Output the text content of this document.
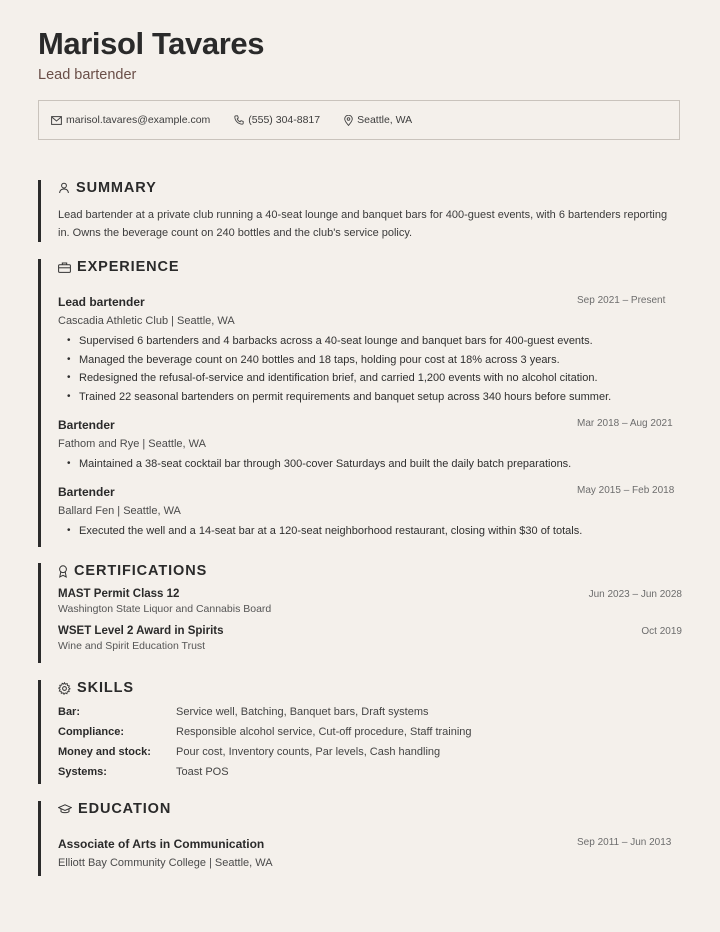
Marisol Tavares
Lead bartender
marisol.tavares@example.com	(555) 304-8817	Seattle, WA
SUMMARY
Lead bartender at a private club running a 40-seat lounge and banquet bars for 400-guest events, with 6 bartenders reporting in. Owns the beverage count on 240 bottles and the club's service policy.
EXPERIENCE
Lead bartender	Sep 2021 – Present
Cascadia Athletic Club | Seattle, WA
• Supervised 6 bartenders and 4 barbacks across a 40-seat lounge and banquet bars for 400-guest events.
• Managed the beverage count on 240 bottles and 18 taps, holding pour cost at 18% across 3 years.
• Redesigned the refusal-of-service and identification brief, and carried 1,200 events with no alcohol citation.
• Trained 22 seasonal bartenders on permit requirements and banquet setup across 340 hours before summer.
Bartender	Mar 2018 – Aug 2021
Fathom and Rye | Seattle, WA
• Maintained a 38-seat cocktail bar through 300-cover Saturdays and built the daily batch preparations.
Bartender	May 2015 – Feb 2018
Ballard Fen | Seattle, WA
• Executed the well and a 14-seat bar at a 120-seat neighborhood restaurant, closing within $30 of totals.
CERTIFICATIONS
MAST Permit Class 12	Jun 2023 – Jun 2028
Washington State Liquor and Cannabis Board
WSET Level 2 Award in Spirits	Oct 2019
Wine and Spirit Education Trust
SKILLS
Bar:	Service well, Batching, Banquet bars, Draft systems
Compliance:	Responsible alcohol service, Cut-off procedure, Staff training
Money and stock:	Pour cost, Inventory counts, Par levels, Cash handling
Systems:	Toast POS
EDUCATION
Associate of Arts in Communication	Sep 2011 – Jun 2013
Elliott Bay Community College | Seattle, WA
